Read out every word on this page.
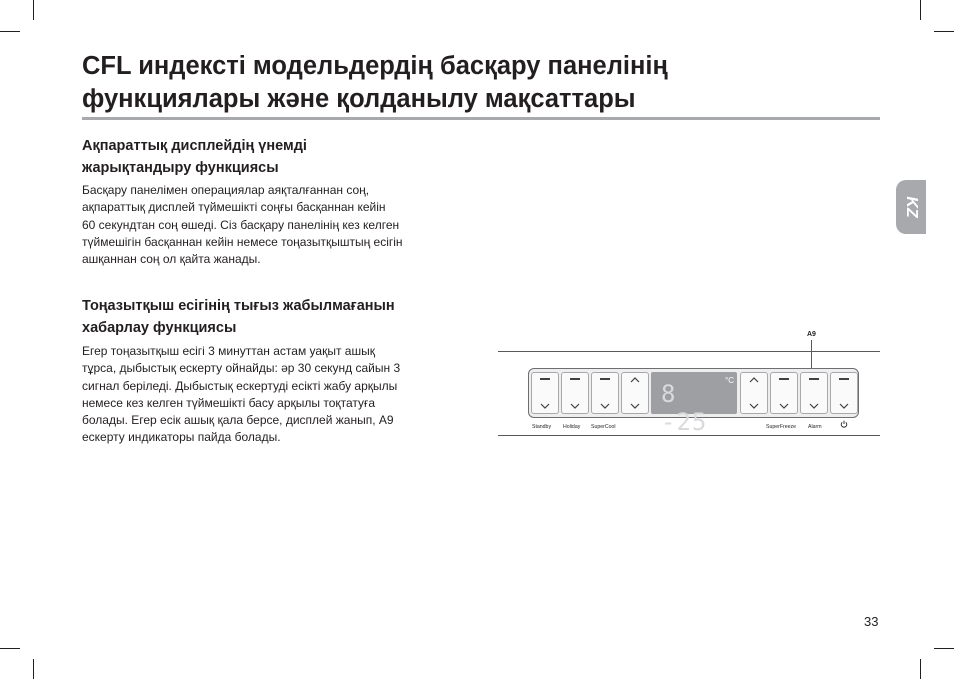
CFL индексті модельдердің басқару панелінің
функциялары және қолданылу мақсаттары
Ақпараттық дисплейдің үнемді
жарықтандыру функциясы

Басқару панелімен операциялар аяқталғаннан соң,
ақпараттық дисплей түймешікті соңғы басқаннан кейін
60 секундтан соң өшеді. Сіз басқару панелінің кез келген
түймешігін басқаннан кейін немесе тоңазытқыштың есігін
ашқаннан соң ол қайта жанады.

Тоңазытқыш есігінің тығыз жабылмағанын
хабарлау функциясы

Егер тоңазытқыш есігі 3 минуттан астам уақыт ашық
тұрса, дыбыстық ескерту ойнайды: әр 30 секунд сайын 3
сигнал беріледі. Дыбыстық ескертуді есікті жабу арқылы
немесе кез келген түймешікті басу арқылы тоқтатуға
болады. Егер есік ашық қала берсе, дисплей жанып, А9
ескерту индикаторы пайда болады.

KZ
A9
8 -25
°C
Standby Holiday SuperCool	SuperFreeze Alarm
33
